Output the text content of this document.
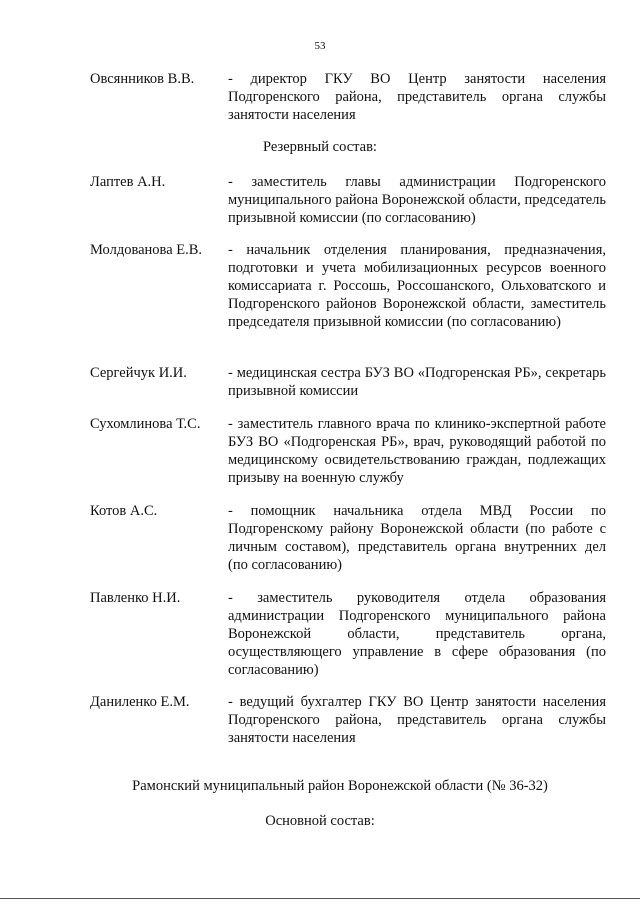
53
Овсянников В.В.	- директор ГКУ ВО Центр занятости населения Подгоренского района, представитель органа службы занятости населения
Резервный состав:
Лаптев А.Н.	- заместитель главы администрации Подгоренского муниципального района Воронежской области, председатель призывной комиссии (по согласованию)
Молдованова Е.В.	- начальник отделения планирования, предназначения, подготовки и учета мобилизационных ресурсов военного комиссариата г. Россошь, Россошанского, Ольховатского и Подгоренского районов Воронежской области, заместитель председателя призывной комиссии (по согласованию)
Сергейчук И.И.	- медицинская сестра БУЗ ВО «Подгоренская РБ», секретарь призывной комиссии
Сухомлинова Т.С.	- заместитель главного врача по клинико-экспертной работе БУЗ ВО «Подгоренская РБ», врач, руководящий работой по медицинскому освидетельствованию граждан, подлежащих призыву на военную службу
Котов А.С.	- помощник начальника отдела МВД России по Подгоренскому району Воронежской области (по работе с личным составом), представитель органа внутренних дел (по согласованию)
Павленко Н.И.	- заместитель руководителя отдела образования администрации Подгоренского муниципального района Воронежской области, представитель органа, осуществляющего управление в сфере образования (по согласованию)
Даниленко Е.М.	- ведущий бухгалтер ГКУ ВО Центр занятости населения Подгоренского района, представитель органа службы занятости населения
Рамонский муниципальный район Воронежской области (№ 36-32)
Основной состав:
